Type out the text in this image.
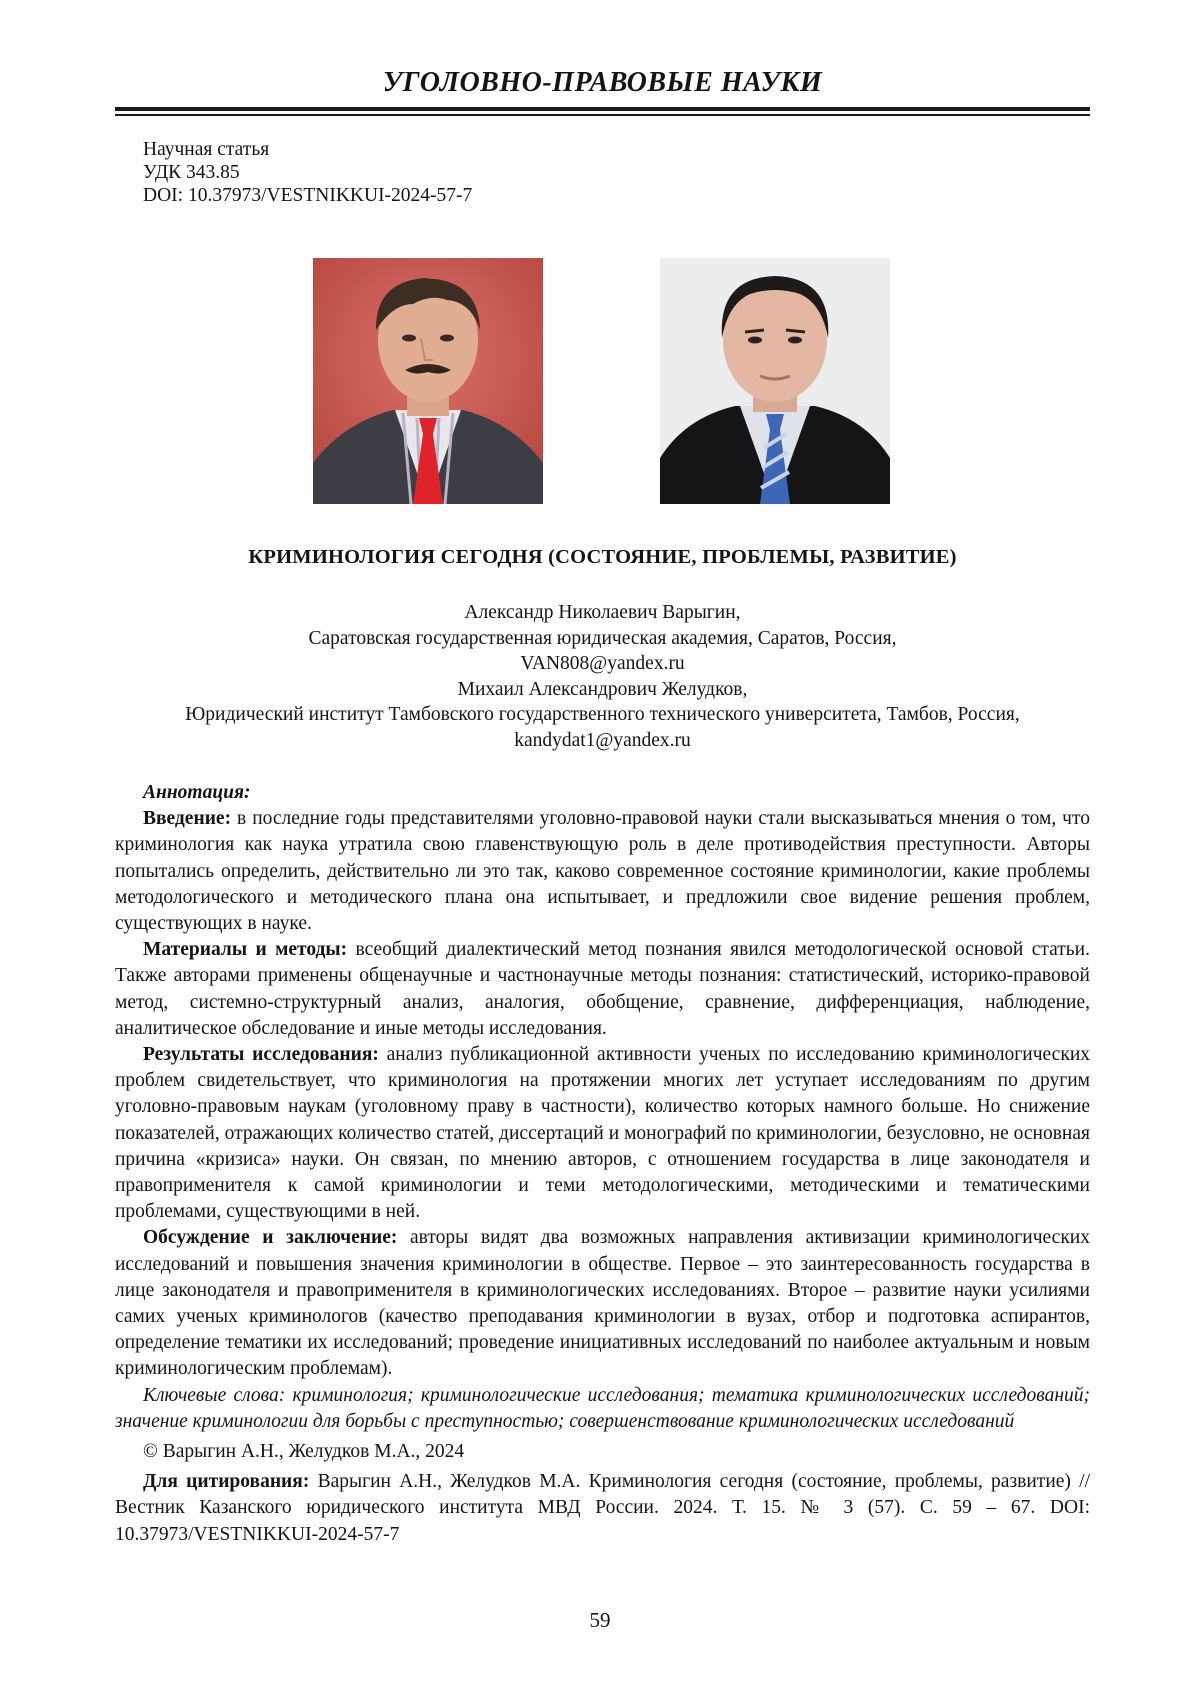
УГОЛОВНО-ПРАВОВЫЕ НАУКИ
Научная статья
УДК 343.85
DOI: 10.37973/VESTNIKKUI-2024-57-7
КРИМИНОЛОГИЯ СЕГОДНЯ (СОСТОЯНИЕ, ПРОБЛЕМЫ, РАЗВИТИЕ)
Александр Николаевич Варыгин,
Саратовская государственная юридическая академия, Саратов, Россия,
VAN808@yandex.ru
Михаил Александрович Желудков,
Юридический институт Тамбовского государственного технического университета, Тамбов, Россия,
kandydat1@yandex.ru
Аннотация:

Введение: в последние годы представителями уголовно-правовой науки стали высказываться мнения о том, что криминология как наука утратила свою главенствующую роль в деле противодействия преступности. Авторы попытались определить, действительно ли это так, каково современное состояние криминологии, какие проблемы методологического и методического плана она испытывает, и предложили свое видение решения проблем, существующих в науке.

Материалы и методы: всеобщий диалектический метод познания явился методологической основой статьи. Также авторами применены общенаучные и частнонаучные методы познания: статистический, историко-правовой метод, системно-структурный анализ, аналогия, обобщение, сравнение, дифференциация, наблюдение, аналитическое обследование и иные методы исследования.

Результаты исследования: анализ публикационной активности ученых по исследованию криминологических проблем свидетельствует, что криминология на протяжении многих лет уступает исследованиям по другим уголовно-правовым наукам (уголовному праву в частности), количество которых намного больше. Но снижение показателей, отражающих количество статей, диссертаций и монографий по криминологии, безусловно, не основная причина «кризиса» науки. Он связан, по мнению авторов, с отношением государства в лице законодателя и правоприменителя к самой криминологии и теми методологическими, методическими и тематическими проблемами, существующими в ней.

Обсуждение и заключение: авторы видят два возможных направления активизации криминологических исследований и повышения значения криминологии в обществе. Первое – это заинтересованность государства в лице законодателя и правоприменителя в криминологических исследованиях. Второе – развитие науки усилиями самих ученых криминологов (качество преподавания криминологии в вузах, отбор и подготовка аспирантов, определение тематики их исследований; проведение инициативных исследований по наиболее актуальным и новым криминологическим проблемам).

Ключевые слова: криминология; криминологические исследования; тематика криминологических исследований; значение криминологии для борьбы с преступностью; совершенствование криминологических исследований

© Варыгин А.Н., Желудков М.А., 2024

Для цитирования: Варыгин А.Н., Желудков М.А. Криминология сегодня (состояние, проблемы, развитие) // Вестник Казанского юридического института МВД России. 2024. Т. 15. № 3 (57). С. 59 – 67. DOI: 10.37973/VESTNIKKUI-2024-57-7

59
